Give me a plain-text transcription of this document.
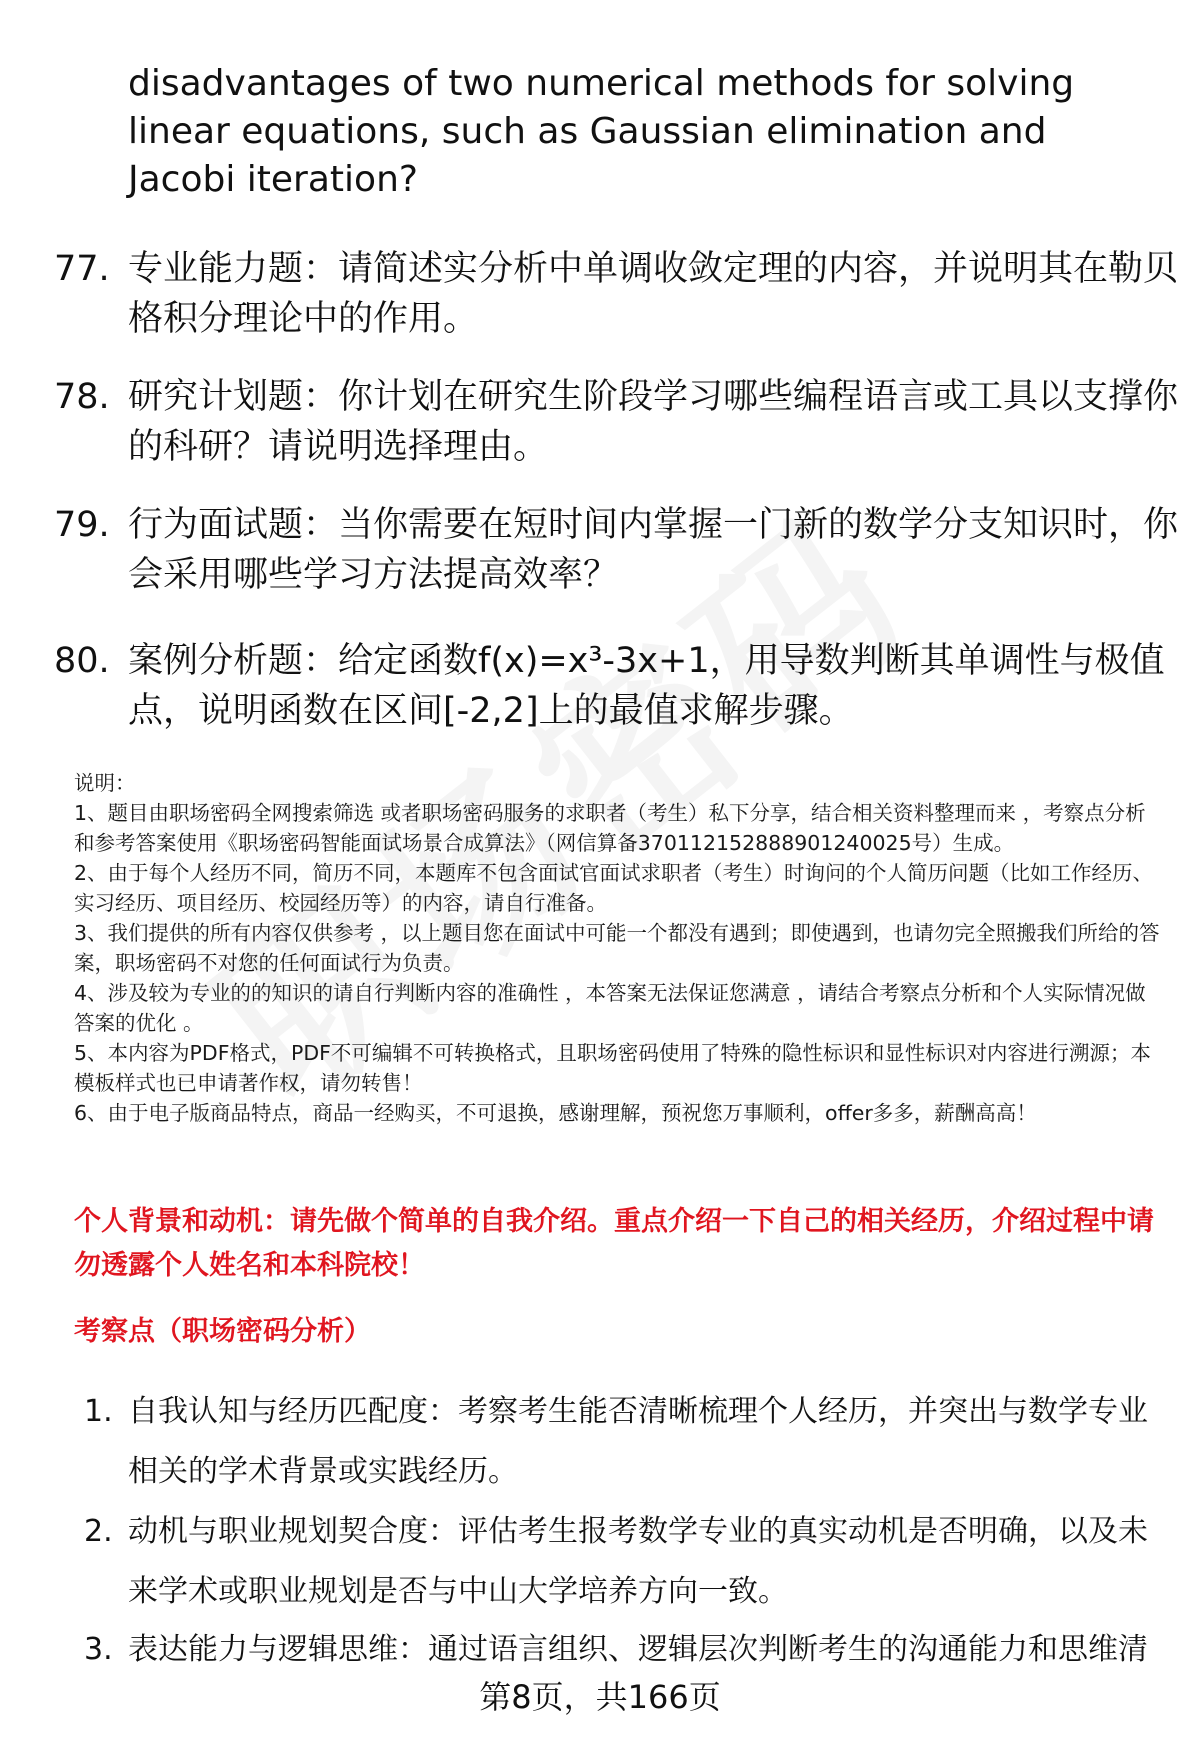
disadvantages of two numerical methods for solving linear equations, such as Gaussian elimination and Jacobi iteration?
77. 专业能力题：请简述实分析中单调收敛定理的内容，并说明其在勒贝格积分理论中的作用。
78. 研究计划题：你计划在研究生阶段学习哪些编程语言或工具以支撑你的科研？请说明选择理由。
79. 行为面试题：当你需要在短时间内掌握一门新的数学分支知识时，你会采用哪些学习方法提高效率？
80. 案例分析题：给定函数f(x)=x³-3x+1，用导数判断其单调性与极值点，说明函数在区间[-2,2]上的最值求解步骤。
说明：
1、题目由职场密码全网搜索筛选 或者职场密码服务的求职者（考生）私下分享，结合相关资料整理而来 ，考察点分析和参考答案使用《职场密码智能面试场景合成算法》（网信算备370112152888901240025号）生成。
2、由于每个人经历不同，简历不同，本题库不包含面试官面试求职者（考生）时询问的个人简历问题（比如工作经历、实习经历、项目经历、校园经历等）的内容，请自行准备。
3、我们提供的所有内容仅供参考 ，以上题目您在面试中可能一个都没有遇到；即使遇到，也请勿完全照搬我们所给的答案，职场密码不对您的任何面试行为负责。
4、涉及较为专业的的知识的请自行判断内容的准确性 ，本答案无法保证您满意 ，请结合考察点分析和个人实际情况做答案的优化 。
5、本内容为PDF格式，PDF不可编辑不可转换格式，且职场密码使用了特殊的隐性标识和显性标识对内容进行溯源；本模板样式也已申请著作权，请勿转售！
6、由于电子版商品特点，商品一经购买，不可退换，感谢理解，预祝您万事顺利，offer多多，薪酬高高！
个人背景和动机：请先做个简单的自我介绍。重点介绍一下自己的相关经历，介绍过程中请勿透露个人姓名和本科院校！
考察点（职场密码分析）
1. 自我认知与经历匹配度：考察考生能否清晰梳理个人经历，并突出与数学专业相关的学术背景或实践经历。
2. 动机与职业规划契合度：评估考生报考数学专业的真实动机是否明确，以及未来学术或职业规划是否与中山大学培养方向一致。
3. 表达能力与逻辑思维：通过语言组织、逻辑层次判断考生的沟通能力和思维清
第8页，共166页
